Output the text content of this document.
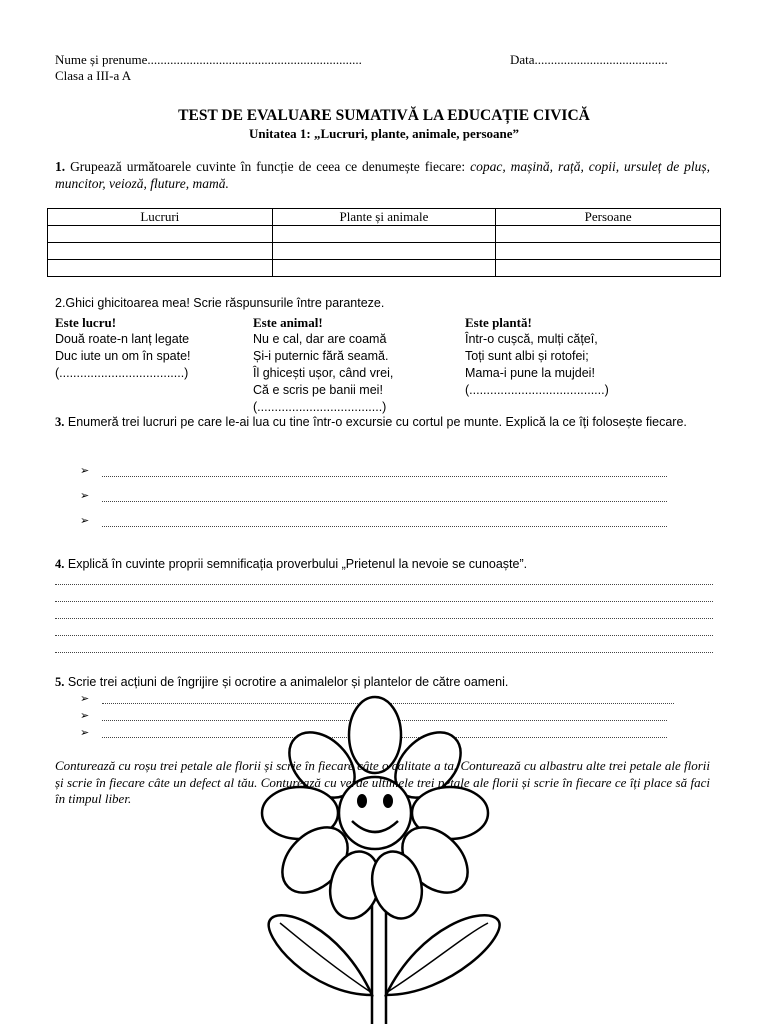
Nume și prenume..................................................................	Data.........................................
Clasa a III-a A
TEST DE EVALUARE SUMATIVĂ LA EDUCAȚIE CIVICĂ
Unitatea 1: „Lucruri, plante, animale, persoane”
1. Grupează următoarele cuvinte în funcție de ceea ce denumește fiecare: copac, mașină, rață, copii, ursuleț de pluș, muncitor, veioză, fluture, mamă.
Lucruri	Plante și animale	Persoane

2.Ghici ghicitoarea mea! Scrie răspunsurile între paranteze.
Este lucru!
Două roate-n lanț legate
Duc iute un om în spate!
(....................................)
Este animal!
Nu e cal, dar are coamă
Și-i puternic fără seamă.
Îl ghicești ușor, când vrei,
Că e scris pe banii mei!
(....................................)
Este plantă!
Într-o cușcă, mulți cățeî,
Toți sunt albi și rotofei;
Mama-i pune la mujdei!
(.......................................)
3. Enumeră trei lucruri pe care le-ai lua cu tine într-o excursie cu cortul pe munte. Explică la ce îți folosește fiecare.
➢
➢
➢
4. Explică în cuvinte proprii semnificația proverbului „Prietenul la nevoie se cunoaște”.
5. Scrie trei acțiuni de îngrijire și ocrotire a animalelor și plantelor de către oameni.
➢
➢
➢
Conturează cu roșu trei petale ale florii și scrie în fiecare câte o calitate a ta. Conturează cu albastru alte trei petale ale florii și scrie în fiecare câte un defect al tău. Conturează cu verde ultimele trei petale ale florii și scrie în fiecare ce îți place să faci în timpul liber.
